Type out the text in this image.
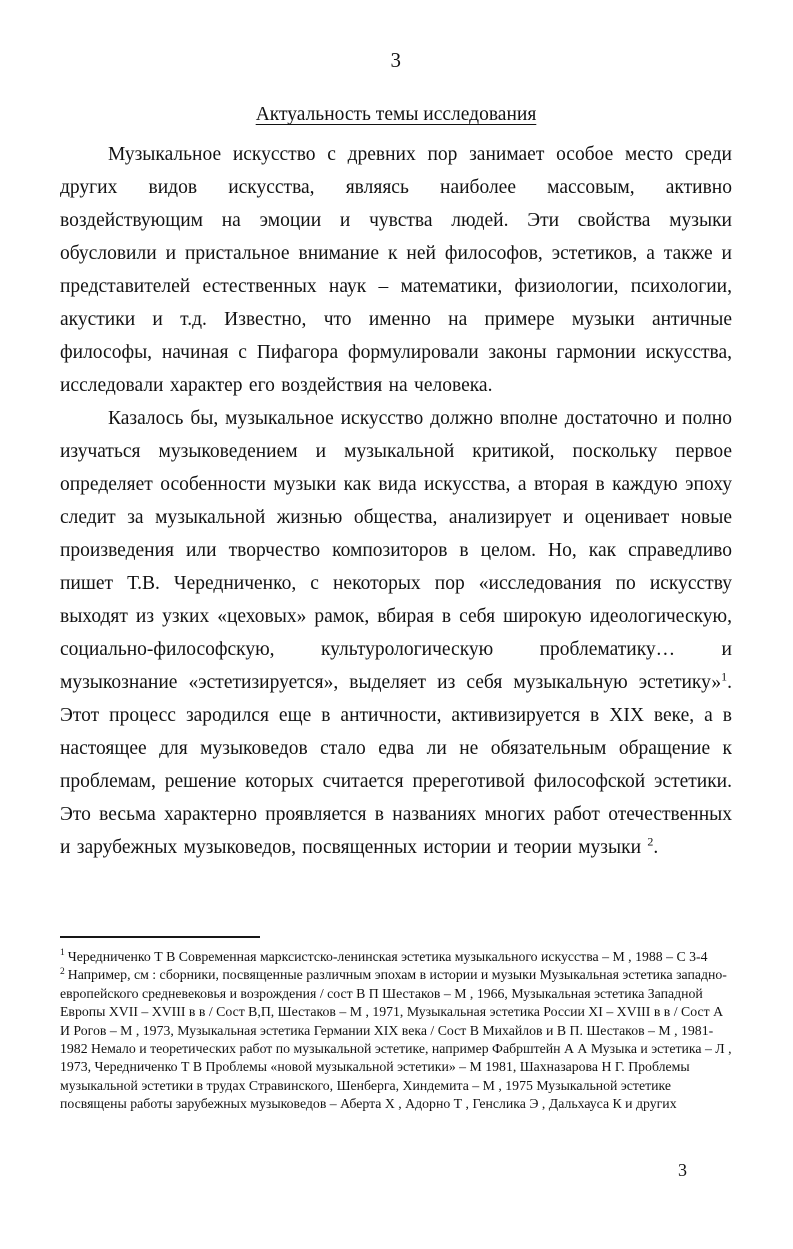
3
Актуальность темы исследования

Музыкальное искусство с древних пор занимает особое место среди других видов искусства, являясь наиболее массовым, активно воздействующим на эмоции и чувства людей. Эти свойства музыки обусловили и пристальное внимание к ней философов, эстетиков, а также и представителей естественных наук – математики, физиологии, психологии, акустики и т.д. Известно, что именно на примере музыки античные философы, начиная с Пифагора формулировали законы гармонии искусства, исследовали характер его воздействия на человека.

Казалось бы, музыкальное искусство должно вполне достаточно и полно изучаться музыковедением и музыкальной критикой, поскольку первое определяет особенности музыки как вида искусства, а вторая в каждую эпоху следит за музыкальной жизнью общества, анализирует и оценивает новые произведения или творчество композиторов в целом. Но, как справедливо пишет Т.В. Чередниченко, с некоторых пор «исследования по искусству выходят из узких «цеховых» рамок, вбирая в себя широкую идеологическую, социально-философскую, культурологическую проблематику… и музыкознание «эстетизируется», выделяет из себя музыкальную эстетику»$^1$. Этот процесс зародился еще в античности, активизируется в XIX веке, а в настоящее для музыковедов стало едва ли не обязательным обращение к проблемам, решение которых считается пререготивой философской эстетики. Это весьма характерно проявляется в названиях многих работ отечественных и зарубежных музыковедов, посвященных истории и теории музыки $^2$.

$^1$ Чередниченко Т В Современная марксистско-ленинская эстетика музыкального искусства – М , 1988 – С 3-4

$^2$ Например, см : сборники, посвященные различным эпохам в истории и музыки Музыкальная эстетика западно-европейского средневековья и возрождения / сост В П Шестаков – М , 1966, Музыкальная эстетика Западной Европы XVII – XVIII в в / Сост В,П, Шестаков – М , 1971, Музыкальная эстетика России XI – XVIII в в / Сост А И Рогов – М , 1973, Музыкальная эстетика Германии XIX века / Сост В Михайлов и В П. Шестаков – М , 1981-1982 Немало и теоретических работ по музыкальной эстетике, например Фабрштейн А А Музыка и эстетика – Л , 1973, Чередниченко Т В Проблемы «новой музыкальной эстетики» – М 1981, Шахназарова Н Г. Проблемы музыкальной эстетики в трудах Стравинского, Шенберга, Хиндемита – М , 1975 Музыкальной эстетике посвящены работы зарубежных музыковедов – Аберта Х , Адорно Т , Генслика Э , Дальхауса К и других

3
